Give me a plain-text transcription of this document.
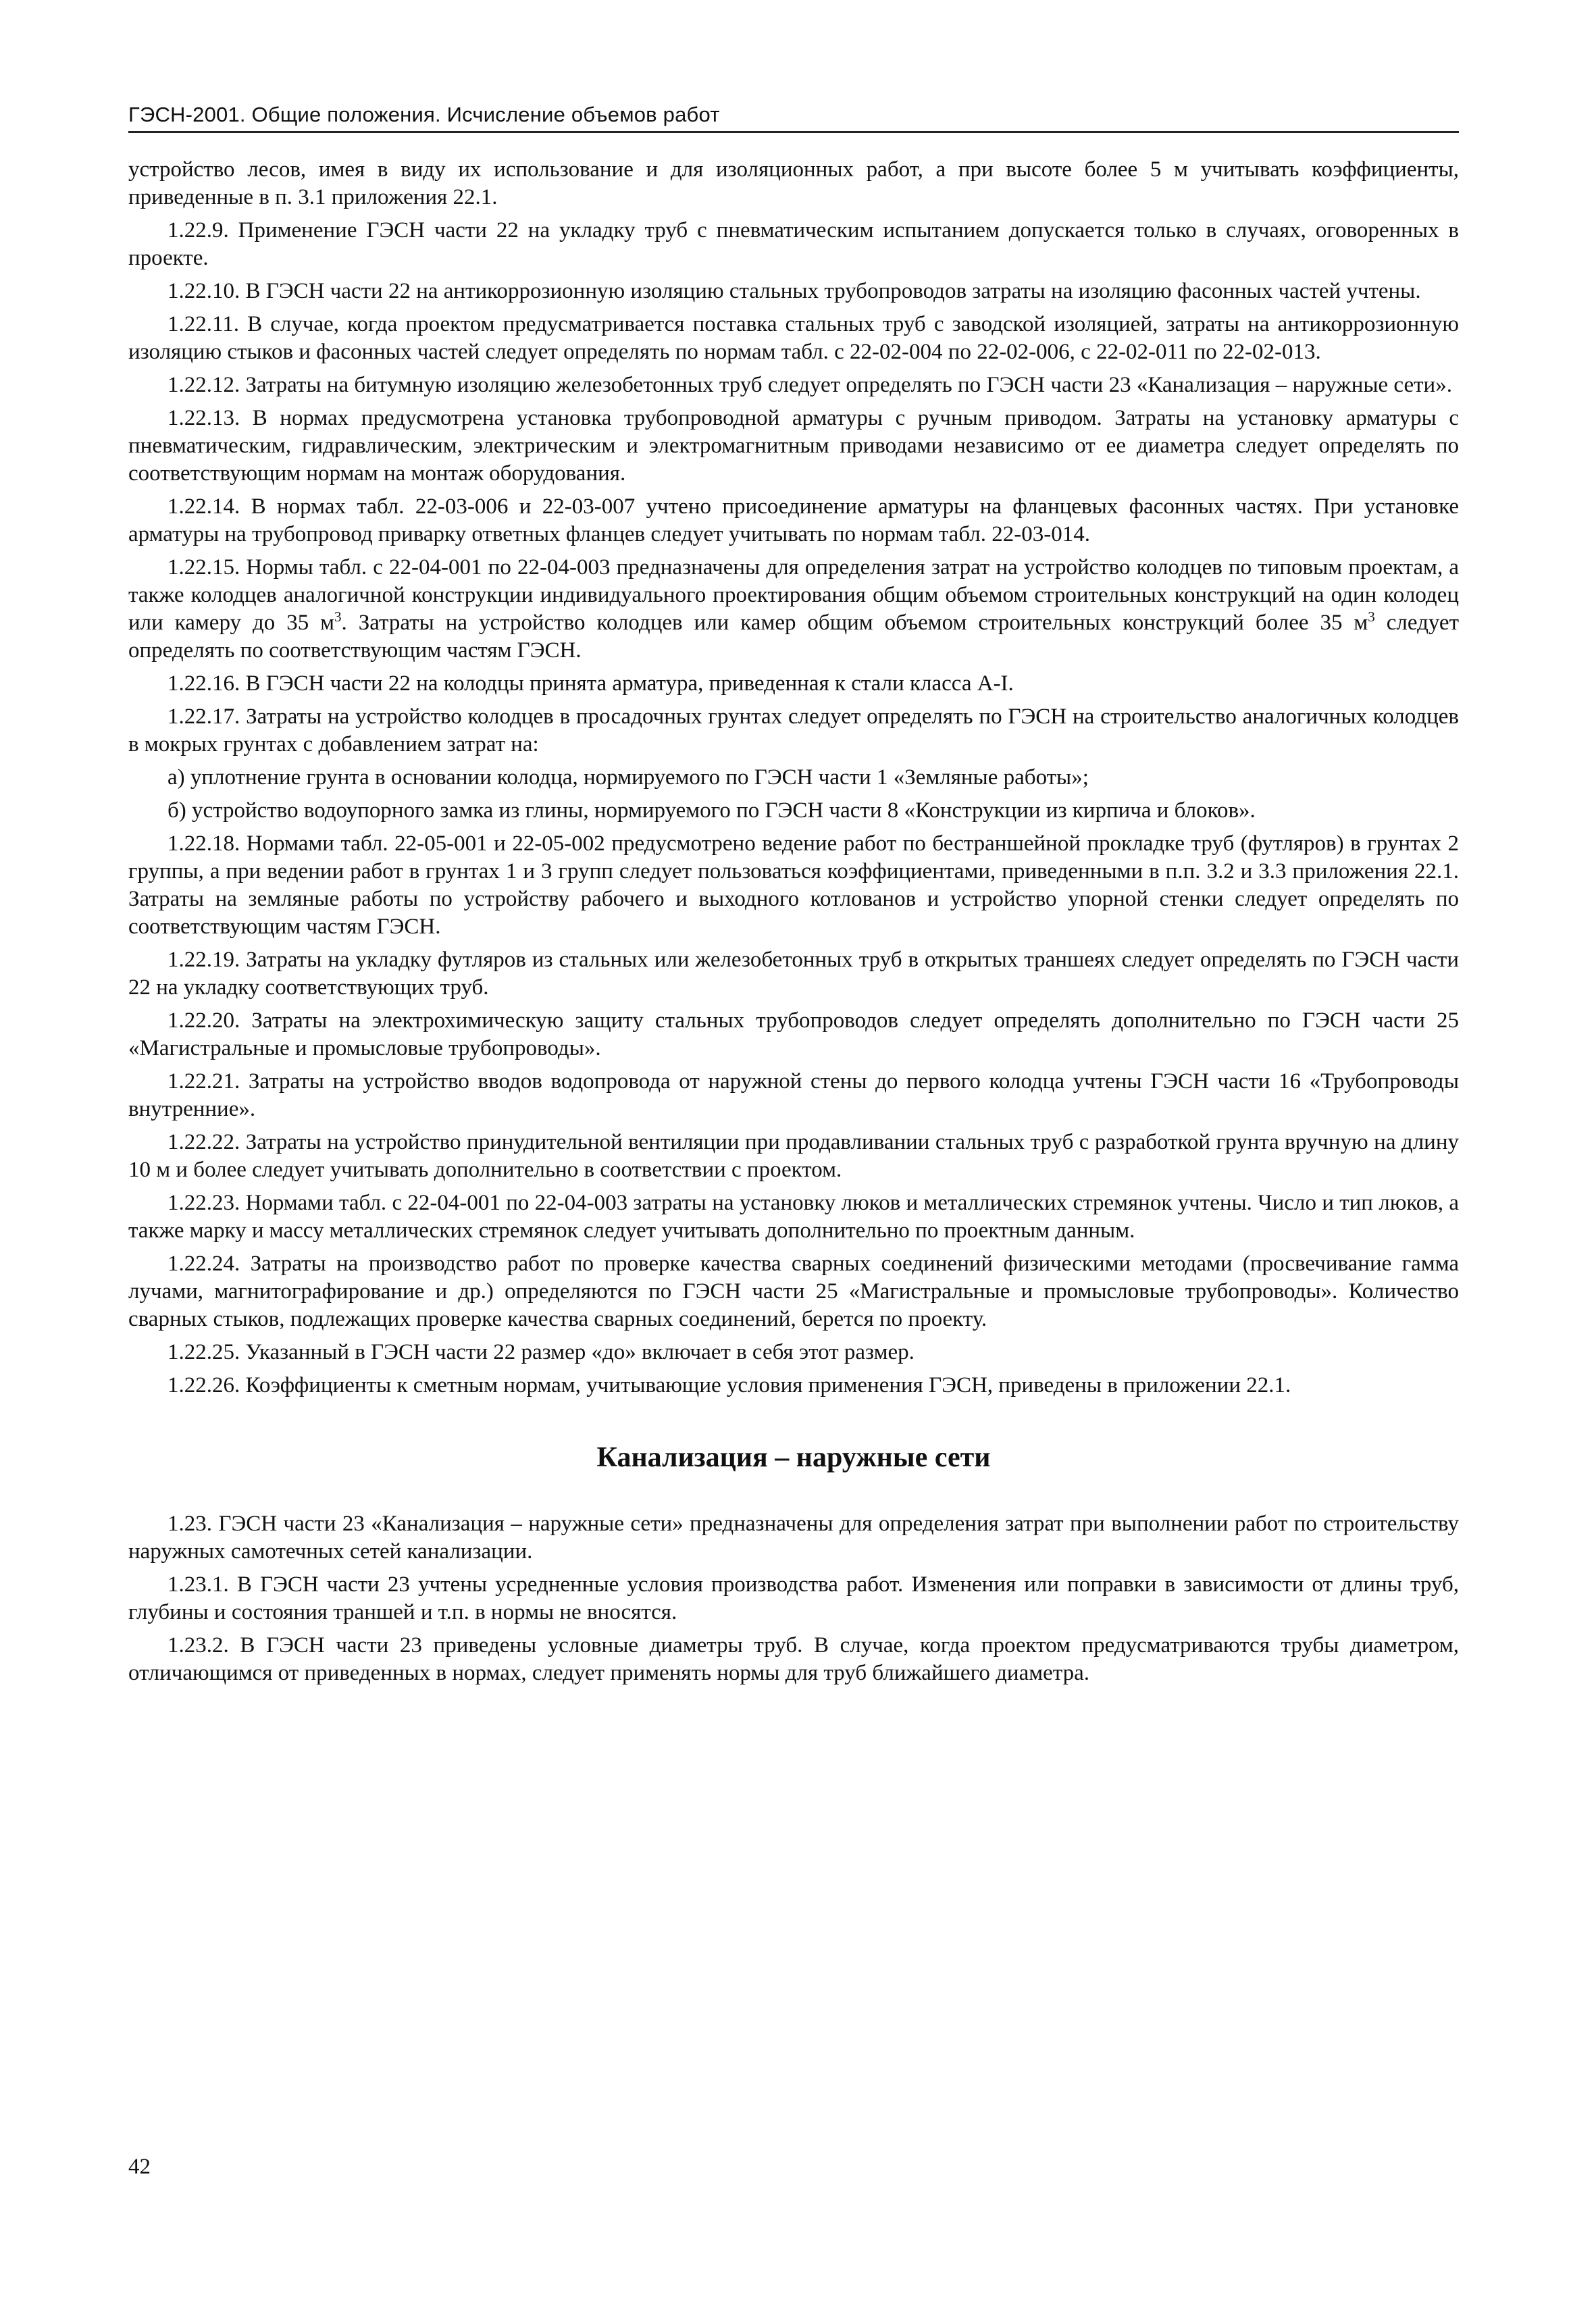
ГЭСН-2001. Общие положения. Исчисление объемов работ

устройство лесов, имея в виду их использование и для изоляционных работ, а при высоте более 5 м учитывать коэффициенты, приведенные в п. 3.1 приложения 22.1.

1.22.9. Применение ГЭСН части 22 на укладку труб с пневматическим испытанием допускается только в случаях, оговоренных в проекте.

1.22.10. В ГЭСН части 22 на антикоррозионную изоляцию стальных трубопроводов затраты на изоляцию фасонных частей учтены.

1.22.11. В случае, когда проектом предусматривается поставка стальных труб с заводской изоляцией, затраты на антикоррозионную изоляцию стыков и фасонных частей следует определять по нормам табл. с 22-02-004 по 22-02-006, с 22-02-011 по 22-02-013.

1.22.12. Затраты на битумную изоляцию железобетонных труб следует определять по ГЭСН части 23 «Канализация – наружные сети».

1.22.13. В нормах предусмотрена установка трубопроводной арматуры с ручным приводом. Затраты на установку арматуры с пневматическим, гидравлическим, электрическим и электромагнитным приводами независимо от ее диаметра следует определять по соответствующим нормам на монтаж оборудования.

1.22.14. В нормах табл. 22-03-006 и 22-03-007 учтено присоединение арматуры на фланцевых фасонных частях. При установке арматуры на трубопровод приварку ответных фланцев следует учитывать по нормам табл. 22-03-014.

1.22.15. Нормы табл. с 22-04-001 по 22-04-003 предназначены для определения затрат на устройство колодцев по типовым проектам, а также колодцев аналогичной конструкции индивидуального проектирования общим объемом строительных конструкций на один колодец или камеру до 35 $м^3$. Затраты на устройство колодцев или камер общим объемом строительных конструкций более 35 $м^3$ следует определять по соответствующим частям ГЭСН.

1.22.16. В ГЭСН части 22 на колодцы принята арматура, приведенная к стали класса А-I.

1.22.17. Затраты на устройство колодцев в просадочных грунтах следует определять по ГЭСН на строительство аналогичных колодцев в мокрых грунтах с добавлением затрат на:

а) уплотнение грунта в основании колодца, нормируемого по ГЭСН части 1 «Земляные работы»;

б) устройство водоупорного замка из глины, нормируемого по ГЭСН части 8 «Конструкции из кирпича и блоков».

1.22.18. Нормами табл. 22-05-001 и 22-05-002 предусмотрено ведение работ по бестраншейной прокладке труб (футляров) в грунтах 2 группы, а при ведении работ в грунтах 1 и 3 групп следует пользоваться коэффициентами, приведенными в п.п. 3.2 и 3.3 приложения 22.1. Затраты на земляные работы по устройству рабочего и выходного котлованов и устройство упорной стенки следует определять по соответствующим частям ГЭСН.

1.22.19. Затраты на укладку футляров из стальных или железобетонных труб в открытых траншеях следует определять по ГЭСН части 22 на укладку соответствующих труб.

1.22.20. Затраты на электрохимическую защиту стальных трубопроводов следует определять дополнительно по ГЭСН части 25 «Магистральные и промысловые трубопроводы».

1.22.21. Затраты на устройство вводов водопровода от наружной стены до первого колодца учтены ГЭСН части 16 «Трубопроводы внутренние».

1.22.22. Затраты на устройство принудительной вентиляции при продавливании стальных труб с разработкой грунта вручную на длину 10 м и более следует учитывать дополнительно в соответствии с проектом.

1.22.23. Нормами табл. с 22-04-001 по 22-04-003 затраты на установку люков и металлических стремянок учтены. Число и тип люков, а также марку и массу металлических стремянок следует учитывать дополнительно по проектным данным.

1.22.24. Затраты на производство работ по проверке качества сварных соединений физическими методами (просвечивание гамма лучами, магнитографирование и др.) определяются по ГЭСН части 25 «Магистральные и промысловые трубопроводы». Количество сварных стыков, подлежащих проверке качества сварных соединений, берется по проекту.

1.22.25. Указанный в ГЭСН части 22 размер «до» включает в себя этот размер.

1.22.26. Коэффициенты к сметным нормам, учитывающие условия применения ГЭСН, приведены в приложении 22.1.

Канализация – наружные сети

1.23. ГЭСН части 23 «Канализация – наружные сети» предназначены для определения затрат при выполнении работ по строительству наружных самотечных сетей канализации.

1.23.1. В ГЭСН части 23 учтены усредненные условия производства работ. Изменения или поправки в зависимости от длины труб, глубины и состояния траншей и т.п. в нормы не вносятся.

1.23.2. В ГЭСН части 23 приведены условные диаметры труб. В случае, когда проектом предусматриваются трубы диаметром, отличающимся от приведенных в нормах, следует применять нормы для труб ближайшего диаметра.

42
